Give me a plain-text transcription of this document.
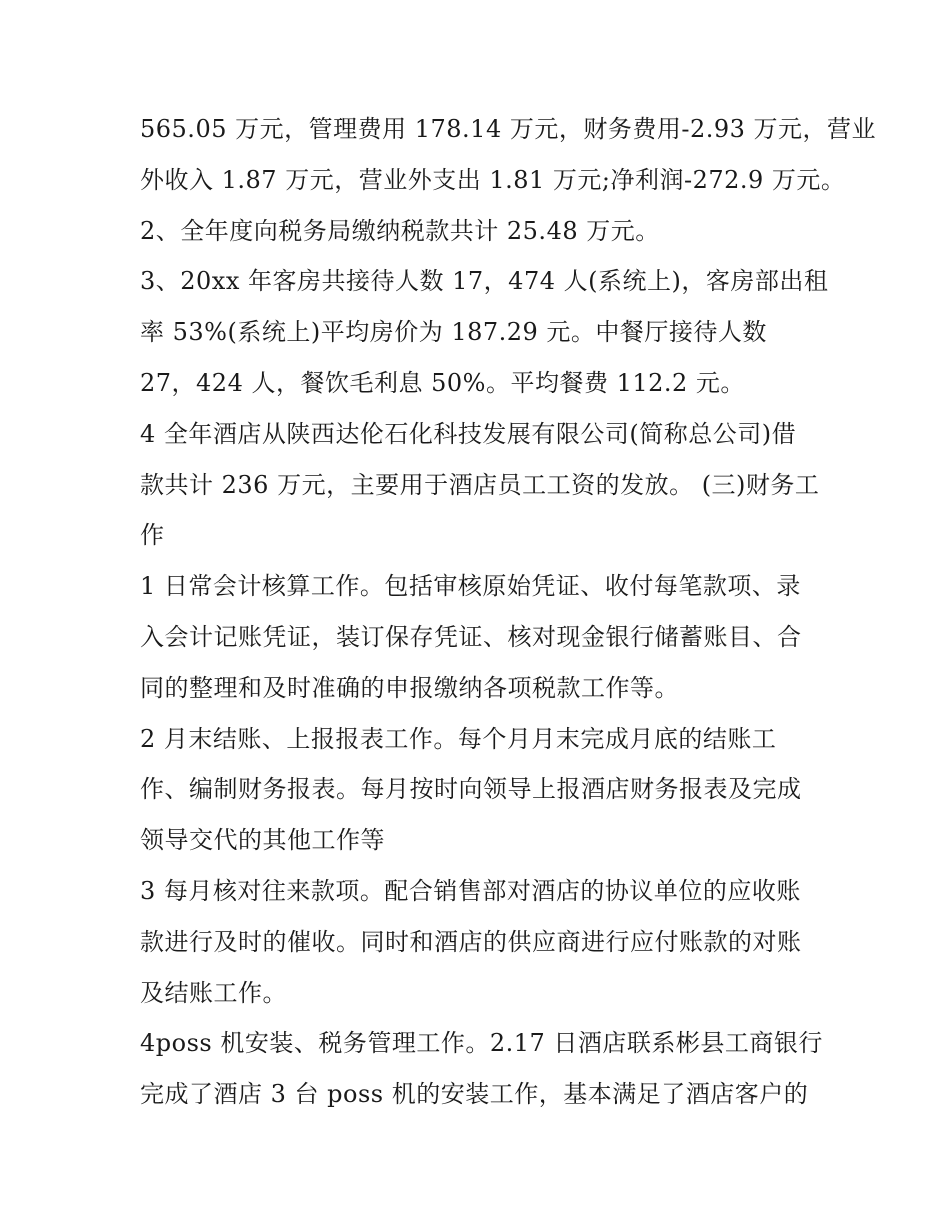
565.05 万元，管理费用 178.14 万元，财务费用-2.93 万元，营业
外收入 1.87 万元，营业外支出 1.81 万元;净利润-272.9 万元。
2、全年度向税务局缴纳税款共计 25.48 万元。
3、20xx 年客房共接待人数 17，474 人(系统上)，客房部出租
率 53%(系统上)平均房价为 187.29 元。中餐厅接待人数
27，424 人，餐饮毛利息 50%。平均餐费 112.2 元。
4 全年酒店从陕西达伦石化科技发展有限公司(简称总公司)借
款共计 236 万元，主要用于酒店员工工资的发放。 (三)财务工
作
1 日常会计核算工作。包括审核原始凭证、收付每笔款项、录
入会计记账凭证，装订保存凭证、核对现金银行储蓄账目、合
同的整理和及时准确的申报缴纳各项税款工作等。
2 月末结账、上报报表工作。每个月月末完成月底的结账工
作、编制财务报表。每月按时向领导上报酒店财务报表及完成
领导交代的其他工作等
3 每月核对往来款项。配合销售部对酒店的协议单位的应收账
款进行及时的催收。同时和酒店的供应商进行应付账款的对账
及结账工作。
4poss 机安装、税务管理工作。2.17 日酒店联系彬县工商银行
完成了酒店 3 台 poss 机的安装工作，基本满足了酒店客户的
